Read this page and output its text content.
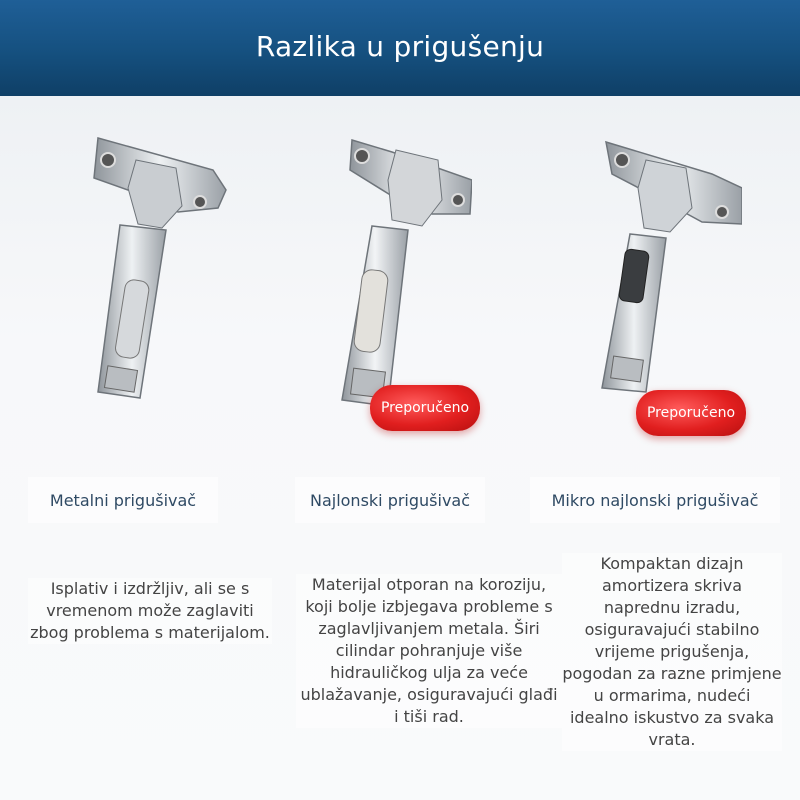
Razlika u prigušenju
Preporučeno	Preporučeno
Metalni prigušivač	Najlonski prigušivač	Mikro najlonski prigušivač
Isplativ i izdržljiv, ali se s vremenom može zaglaviti zbog problema s materijalom.
Materijal otporan na koroziju, koji bolje izbjegava probleme s zaglavljivanjem metala. Širi cilindar pohranjuje više hidrauličkog ulja za veće ublažavanje, osiguravajući glađi i tiši rad.
Kompaktan dizajn amortizera skriva naprednu izradu, osiguravajući stabilno vrijeme prigušenja, pogodan za razne primjene u ormarima, nudeći idealno iskustvo za svaka vrata.
